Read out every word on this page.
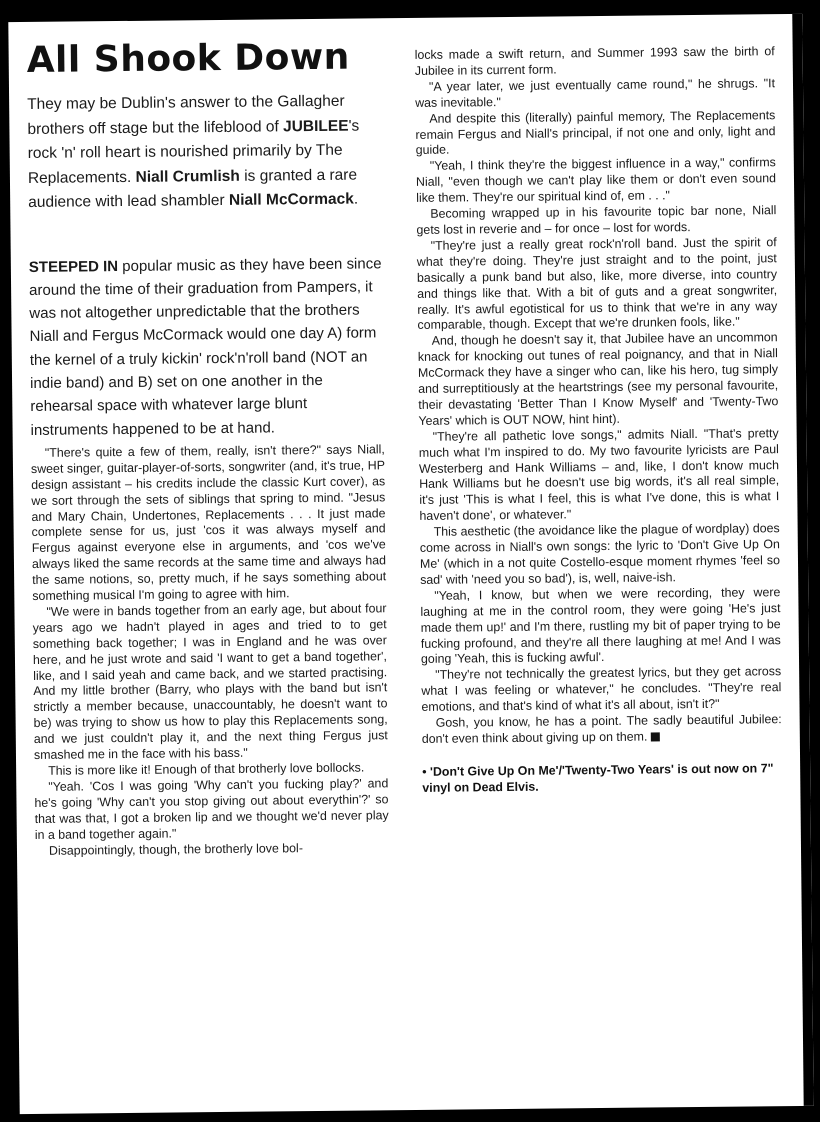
All Shook Down

They may be Dublin's answer to the Gallagher brothers off stage but the lifeblood of JUBILEE's rock 'n' roll heart is nourished primarily by The Replacements. Niall Crumlish is granted a rare audience with lead shambler Niall McCormack.

STEEPED IN popular music as they have been since around the time of their graduation from Pampers, it was not altogether unpredictable that the brothers Niall and Fergus McCormack would one day A) form the kernel of a truly kickin' rock'n'roll band (NOT an indie band) and B) set on one another in the rehearsal space with whatever large blunt instruments happened to be at hand.

"There's quite a few of them, really, isn't there?" says Niall, sweet singer, guitar-player-of-sorts, songwriter (and, it's true, HP design assistant – his credits include the classic Kurt cover), as we sort through the sets of siblings that spring to mind. "Jesus and Mary Chain, Undertones, Replacements . . . It just made complete sense for us, just 'cos it was always myself and Fergus against everyone else in arguments, and 'cos we've always liked the same records at the same time and always had the same notions, so, pretty much, if he says something about something musical I'm going to agree with him.

"We were in bands together from an early age, but about four years ago we hadn't played in ages and tried to to get something back together; I was in England and he was over here, and he just wrote and said 'I want to get a band together', like, and I said yeah and came back, and we started practising. And my little brother (Barry, who plays with the band but isn't strictly a member because, unaccountably, he doesn't want to be) was trying to show us how to play this Replacements song, and we just couldn't play it, and the next thing Fergus just smashed me in the face with his bass."

This is more like it! Enough of that brotherly love bollocks.

"Yeah. 'Cos I was going 'Why can't you fucking play?' and he's going 'Why can't you stop giving out about everythin'?' so that was that, I got a broken lip and we thought we'd never play in a band together again."

Disappointingly, though, the brotherly love bol-

locks made a swift return, and Summer 1993 saw the birth of Jubilee in its current form.

"A year later, we just eventually came round," he shrugs. "It was inevitable."

And despite this (literally) painful memory, The Replacements remain Fergus and Niall's principal, if not one and only, light and guide.

"Yeah, I think they're the biggest influence in a way," confirms Niall, "even though we can't play like them or don't even sound like them. They're our spiritual kind of, em . . ."

Becoming wrapped up in his favourite topic bar none, Niall gets lost in reverie and – for once – lost for words.

"They're just a really great rock'n'roll band. Just the spirit of what they're doing. They're just straight and to the point, just basically a punk band but also, like, more diverse, into country and things like that. With a bit of guts and a great songwriter, really. It's awful egotistical for us to think that we're in any way comparable, though. Except that we're drunken fools, like."

And, though he doesn't say it, that Jubilee have an uncommon knack for knocking out tunes of real poignancy, and that in Niall McCormack they have a singer who can, like his hero, tug simply and surreptitiously at the heartstrings (see my personal favourite, their devastating 'Better Than I Know Myself' and 'Twenty-Two Years' which is OUT NOW, hint hint).

"They're all pathetic love songs," admits Niall. "That's pretty much what I'm inspired to do. My two favourite lyricists are Paul Westerberg and Hank Williams – and, like, I don't know much Hank Williams but he doesn't use big words, it's all real simple, it's just 'This is what I feel, this is what I've done, this is what I haven't done', or whatever."

This aesthetic (the avoidance like the plague of wordplay) does come across in Niall's own songs: the lyric to 'Don't Give Up On Me' (which in a not quite Costello-esque moment rhymes 'feel so sad' with 'need you so bad'), is, well, naive-ish.

"Yeah, I know, but when we were recording, they were laughing at me in the control room, they were going 'He's just made them up!' and I'm there, rustling my bit of paper trying to be fucking profound, and they're all there laughing at me! And I was going 'Yeah, this is fucking awful'.

"They're not technically the greatest lyrics, but they get across what I was feeling or whatever," he concludes. "They're real emotions, and that's kind of what it's all about, isn't it?"

Gosh, you know, he has a point. The sadly beautiful Jubilee: don't even think about giving up on them.

• 'Don't Give Up On Me'/'Twenty-Two Years' is out now on 7" vinyl on Dead Elvis.
